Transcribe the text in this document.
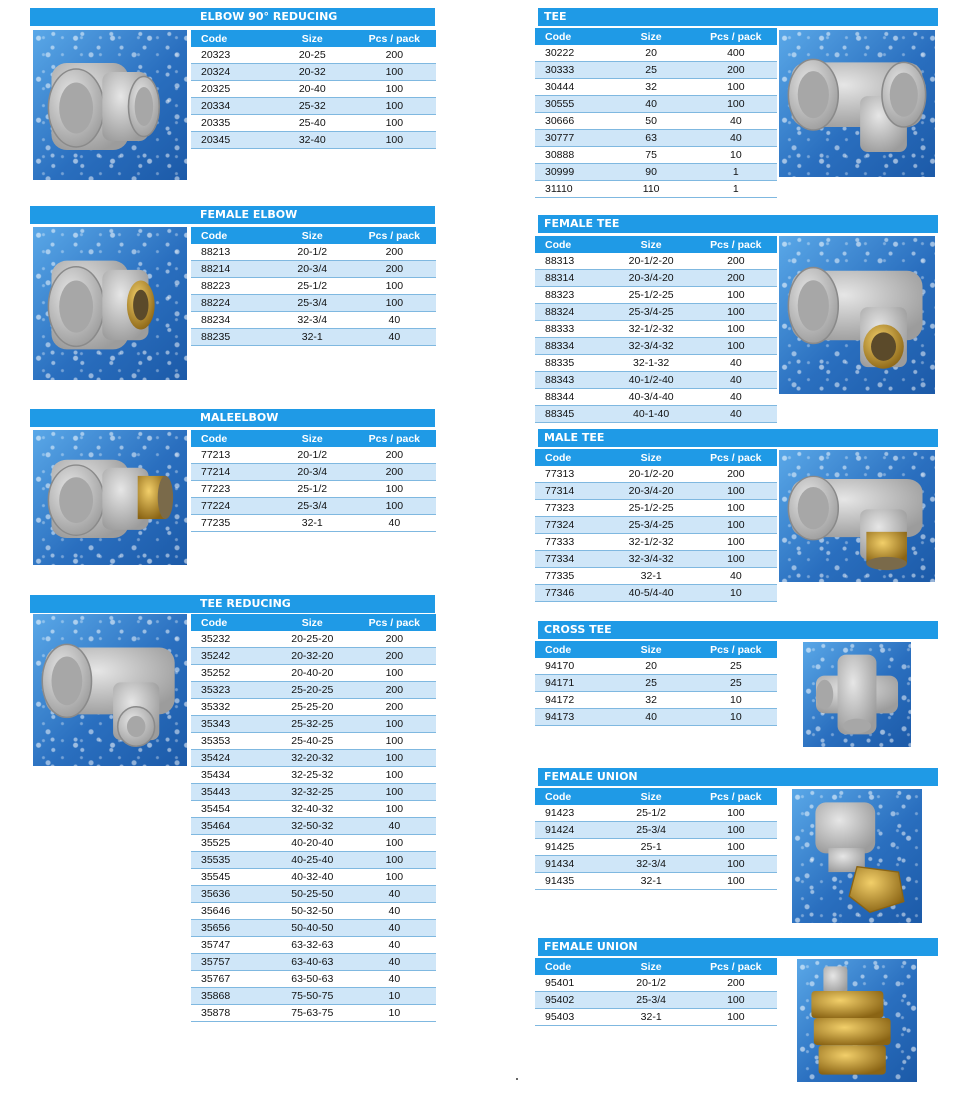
ELBOW 90° REDUCING
Code	Size	Pcs / pack
20323	20-25	200
20324	20-32	100
20325	20-40	100
20334	25-32	100
20335	25-40	100
20345	32-40	100
FEMALE ELBOW
Code	Size	Pcs / pack
88213	20-1/2	200
88214	20-3/4	200
88223	25-1/2	100
88224	25-3/4	100
88234	32-3/4	40
88235	32-1	40
MALEELBOW
Code	Size	Pcs / pack
77213	20-1/2	200
77214	20-3/4	200
77223	25-1/2	100
77224	25-3/4	100
77235	32-1	40
TEE REDUCING
Code	Size	Pcs / pack
35232	20-25-20	200
35242	20-32-20	200
35252	20-40-20	100
35323	25-20-25	200
35332	25-25-20	200
35343	25-32-25	100
35353	25-40-25	100
35424	32-20-32	100
35434	32-25-32	100
35443	32-32-25	100
35454	32-40-32	100
35464	32-50-32	40
35525	40-20-40	100
35535	40-25-40	100
35545	40-32-40	100
35636	50-25-50	40
35646	50-32-50	40
35656	50-40-50	40
35747	63-32-63	40
35757	63-40-63	40
35767	63-50-63	40
35868	75-50-75	10
35878	75-63-75	10
TEE
Code	Size	Pcs / pack
30222	20	400
30333	25	200
30444	32	100
30555	40	100
30666	50	40
30777	63	40
30888	75	10
30999	90	1
31110	110	1
FEMALE TEE
Code	Size	Pcs / pack
88313	20-1/2-20	200
88314	20-3/4-20	200
88323	25-1/2-25	100
88324	25-3/4-25	100
88333	32-1/2-32	100
88334	32-3/4-32	100
88335	32-1-32	40
88343	40-1/2-40	40
88344	40-3/4-40	40
88345	40-1-40	40
MALE TEE
Code	Size	Pcs / pack
77313	20-1/2-20	200
77314	20-3/4-20	100
77323	25-1/2-25	100
77324	25-3/4-25	100
77333	32-1/2-32	100
77334	32-3/4-32	100
77335	32-1	40
77346	40-5/4-40	10
CROSS TEE
Code	Size	Pcs / pack
94170	20	25
94171	25	25
94172	32	10
94173	40	10
FEMALE UNION
Code	Size	Pcs / pack
91423	25-1/2	100
91424	25-3/4	100
91425	25-1	100
91434	32-3/4	100
91435	32-1	100
FEMALE UNION
Code	Size	Pcs / pack
95401	20-1/2	200
95402	25-3/4	100
95403	32-1	100
